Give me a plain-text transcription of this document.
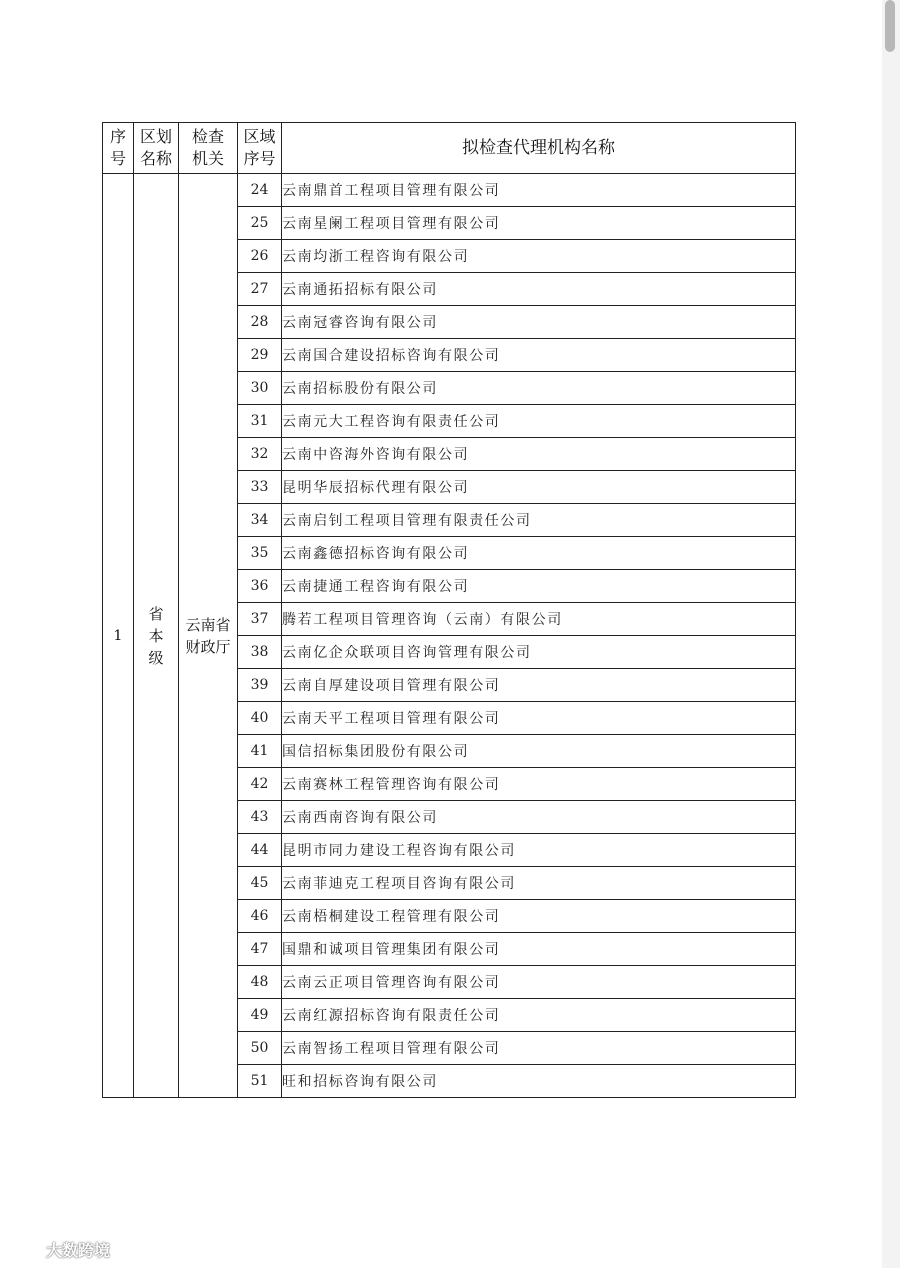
序号	区划名称	检查机关	区域序号	拟检查代理机构名称
1	省本级	云南省财政厅	24	云南鼎首工程项目管理有限公司
			25	云南星阑工程项目管理有限公司
			26	云南均浙工程咨询有限公司
			27	云南通拓招标有限公司
			28	云南冠睿咨询有限公司
			29	云南国合建设招标咨询有限公司
			30	云南招标股份有限公司
			31	云南元大工程咨询有限责任公司
			32	云南中咨海外咨询有限公司
			33	昆明华辰招标代理有限公司
			34	云南启钊工程项目管理有限责任公司
			35	云南鑫德招标咨询有限公司
			36	云南捷通工程咨询有限公司
			37	腾若工程项目管理咨询（云南）有限公司
			38	云南亿企众联项目咨询管理有限公司
			39	云南自厚建设项目管理有限公司
			40	云南天平工程项目管理有限公司
			41	国信招标集团股份有限公司
			42	云南赛林工程管理咨询有限公司
			43	云南西南咨询有限公司
			44	昆明市同力建设工程咨询有限公司
			45	云南菲迪克工程项目咨询有限公司
			46	云南梧桐建设工程管理有限公司
			47	国鼎和诚项目管理集团有限公司
			48	云南云正项目管理咨询有限公司
			49	云南红源招标咨询有限责任公司
			50	云南智扬工程项目管理有限公司
			51	旺和招标咨询有限公司
大数跨境
